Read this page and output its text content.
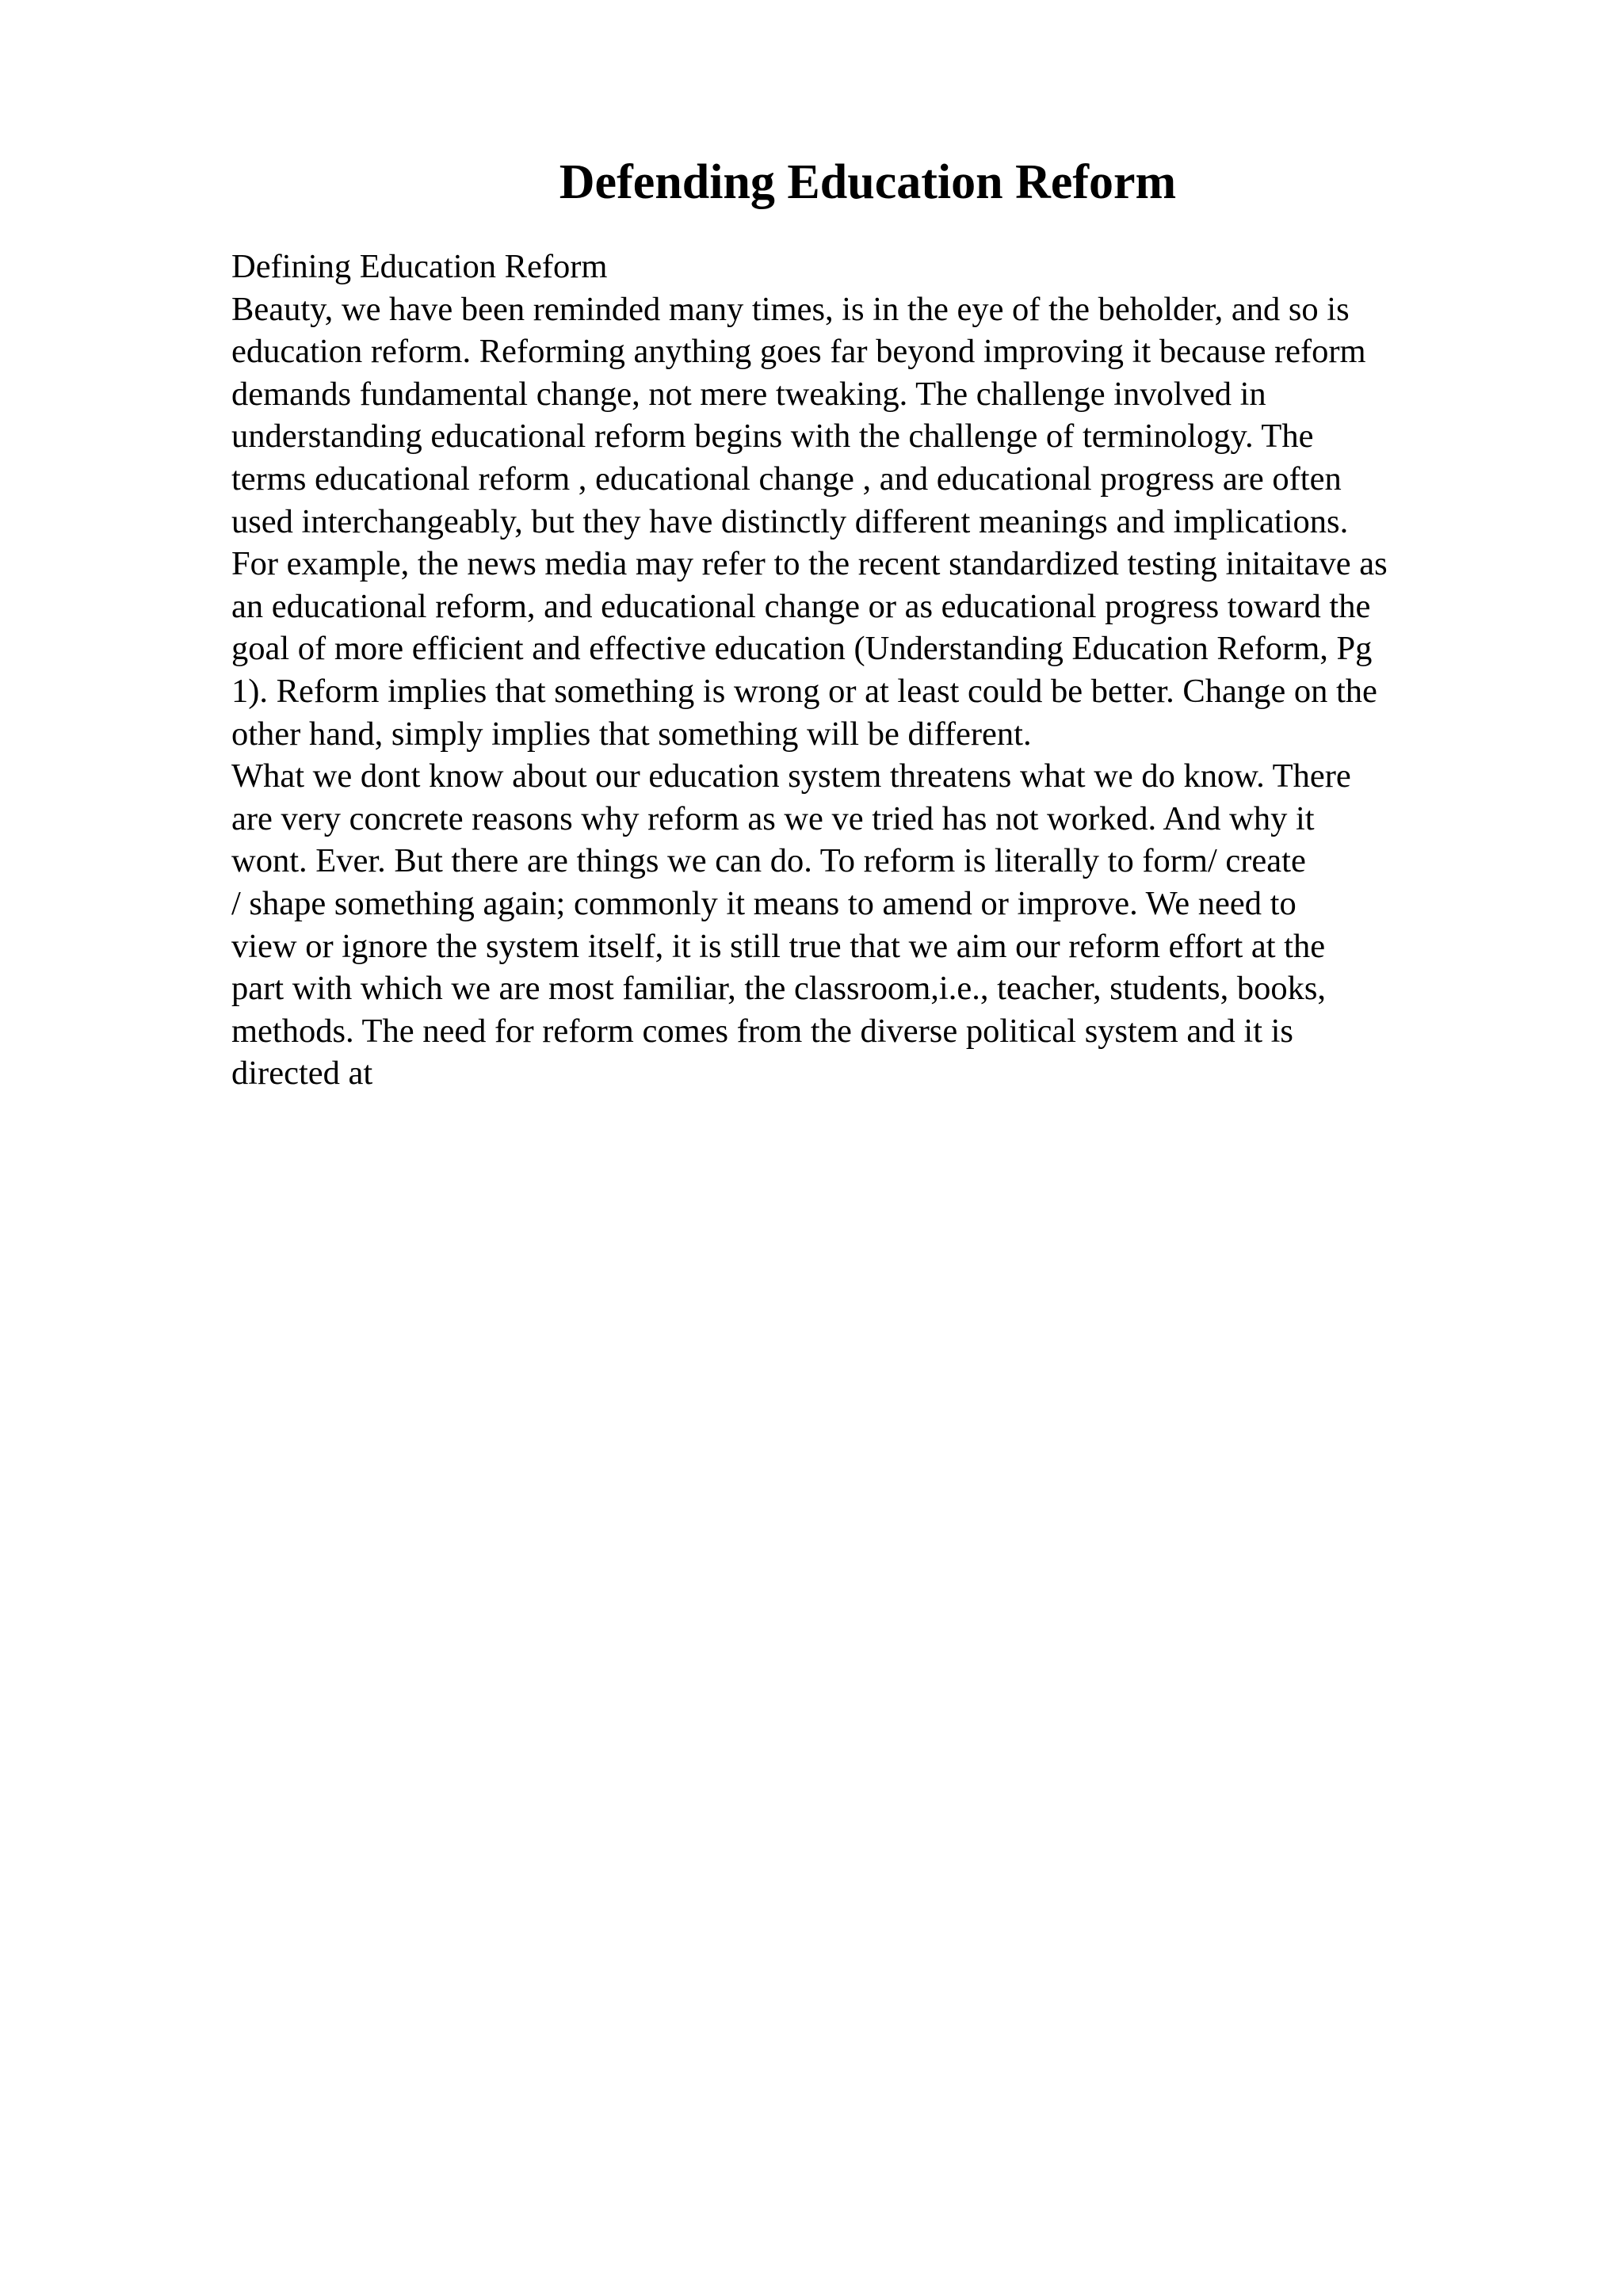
Defending Education Reform
Defining Education Reform
Beauty, we have been reminded many times, is in the eye of the beholder, and so is
education reform. Reforming anything goes far beyond improving it because reform
demands fundamental change, not mere tweaking. The challenge involved in
understanding educational reform begins with the challenge of terminology. The
terms educational reform , educational change , and educational progress are often
used interchangeably, but they have distinctly different meanings and implications.
For example, the news media may refer to the recent standardized testing initaitave as
an educational reform, and educational change or as educational progress toward the
goal of more efficient and effective education (Understanding Education Reform, Pg
1). Reform implies that something is wrong or at least could be better. Change on the
other hand, simply implies that something will be different.
What we dont know about our education system threatens what we do know. There
are very concrete reasons why reform as we ve tried has not worked. And why it
wont. Ever. But there are things we can do. To reform is literally to form/ create
/ shape something again; commonly it means to amend or improve. We need to
view or ignore the system itself, it is still true that we aim our reform effort at the
part with which we are most familiar, the classroom,i.e., teacher, students, books,
methods. The need for reform comes from the diverse political system and it is
directed at
